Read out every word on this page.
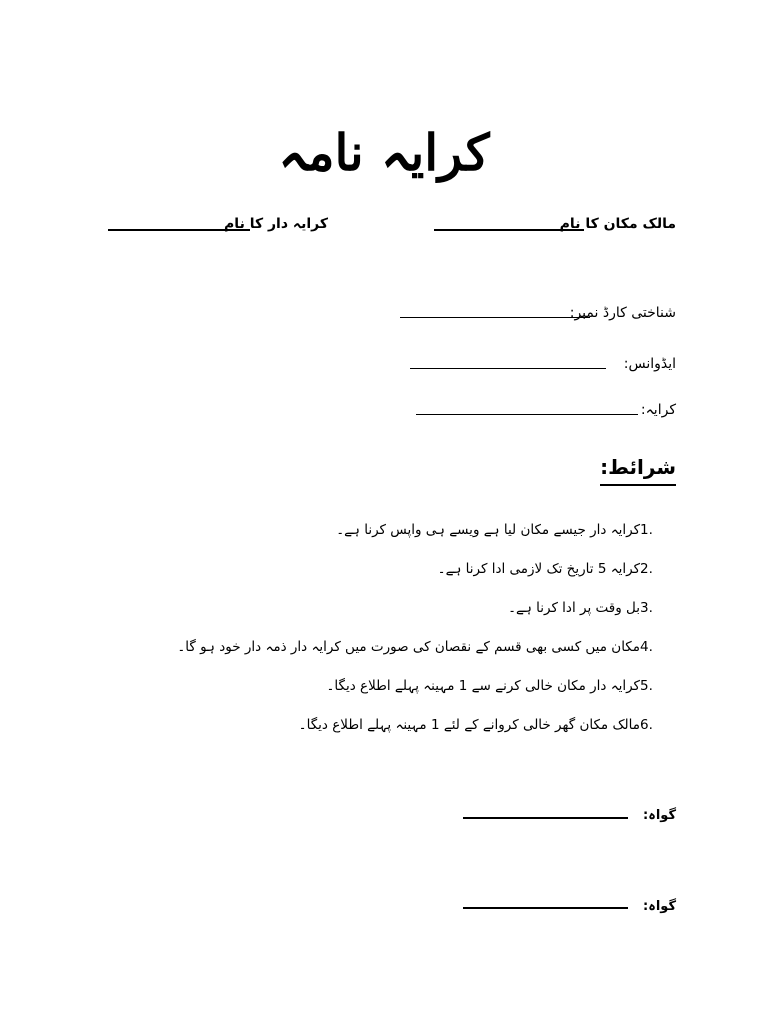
کرایہ نامہ
مالک مکان کا نام
کرایہ دار کا نام
شناختی کارڈ نمبر:
ایڈوانس:
کرایہ:
شرائط:
1.
کرایہ دار جیسے مکان لیا ہے ویسے ہی واپس کرنا ہے۔
2.
کرایہ 5 تاریخ تک لازمی ادا کرنا ہے۔
3.
بل وقت پر ادا کرنا ہے۔
4.
مکان میں کسی بھی قسم کے نقصان کی صورت میں کرایہ دار ذمہ دار خود ہو گا۔
5.
کرایہ دار مکان خالی کرنے سے 1 مہینہ پہلے اطلاع دیگا۔
6.
مالک مکان گھر خالی کروانے کے لئے 1 مہینہ پہلے اطلاع دیگا۔
گواہ:
گواہ:
